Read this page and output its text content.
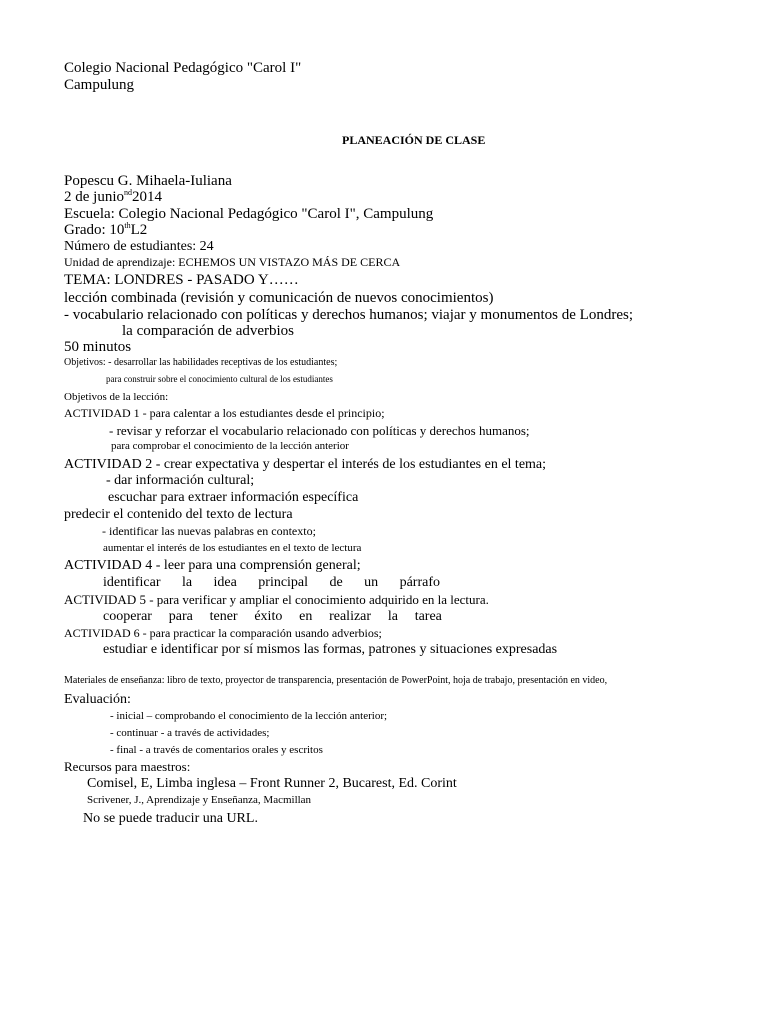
Colegio Nacional Pedagógico "Carol I"

Campulung

PLANEACIÓN DE CLASE

Popescu G. Mihaela-Iuliana

2 de junio$^{nd}$2014

Escuela: Colegio Nacional Pedagógico "Carol I", Campulung

Grado: 10thL2

Número de estudiantes: 24

Unidad de aprendizaje: ECHEMOS UN VISTAZO MÁS DE CERCA

TEMA: LONDRES - PASADO Y……

lección combinada (revisión y comunicación de nuevos conocimientos)

- vocabulario relacionado con políticas y derechos humanos; viajar y monumentos de Londres;

la comparación de adverbios

50 minutos

Objetivos: - desarrollar las habilidades receptivas de los estudiantes;

para construir sobre el conocimiento cultural de los estudiantes

Objetivos de la lección:

ACTIVIDAD 1 - para calentar a los estudiantes desde el principio;

- revisar y reforzar el vocabulario relacionado con políticas y derechos humanos;

para comprobar el conocimiento de la lección anterior

ACTIVIDAD 2 - crear expectativa y despertar el interés de los estudiantes en el tema;

- dar información cultural;

escuchar para extraer información específica

predecir el contenido del texto de lectura

- identificar las nuevas palabras en contexto;

aumentar el interés de los estudiantes en el texto de lectura

ACTIVIDAD 4 - leer para una comprensión general;

identificar la idea principal de un párrafo

ACTIVIDAD 5 - para verificar y ampliar el conocimiento adquirido en la lectura.

cooperar para tener éxito en realizar la tarea

ACTIVIDAD 6 - para practicar la comparación usando adverbios;

estudiar e identificar por sí mismos las formas, patrones y situaciones expresadas

Materiales de enseñanza: libro de texto, proyector de transparencia, presentación de PowerPoint, hoja de trabajo, presentación en video,

Evaluación:

- inicial – comprobando el conocimiento de la lección anterior;

- continuar - a través de actividades;

- final - a través de comentarios orales y escritos

Recursos para maestros:

Comisel, E, Limba inglesa – Front Runner 2, Bucarest, Ed. Corint

Scrivener, J., Aprendizaje y Enseñanza, Macmillan

No se puede traducir una URL.
